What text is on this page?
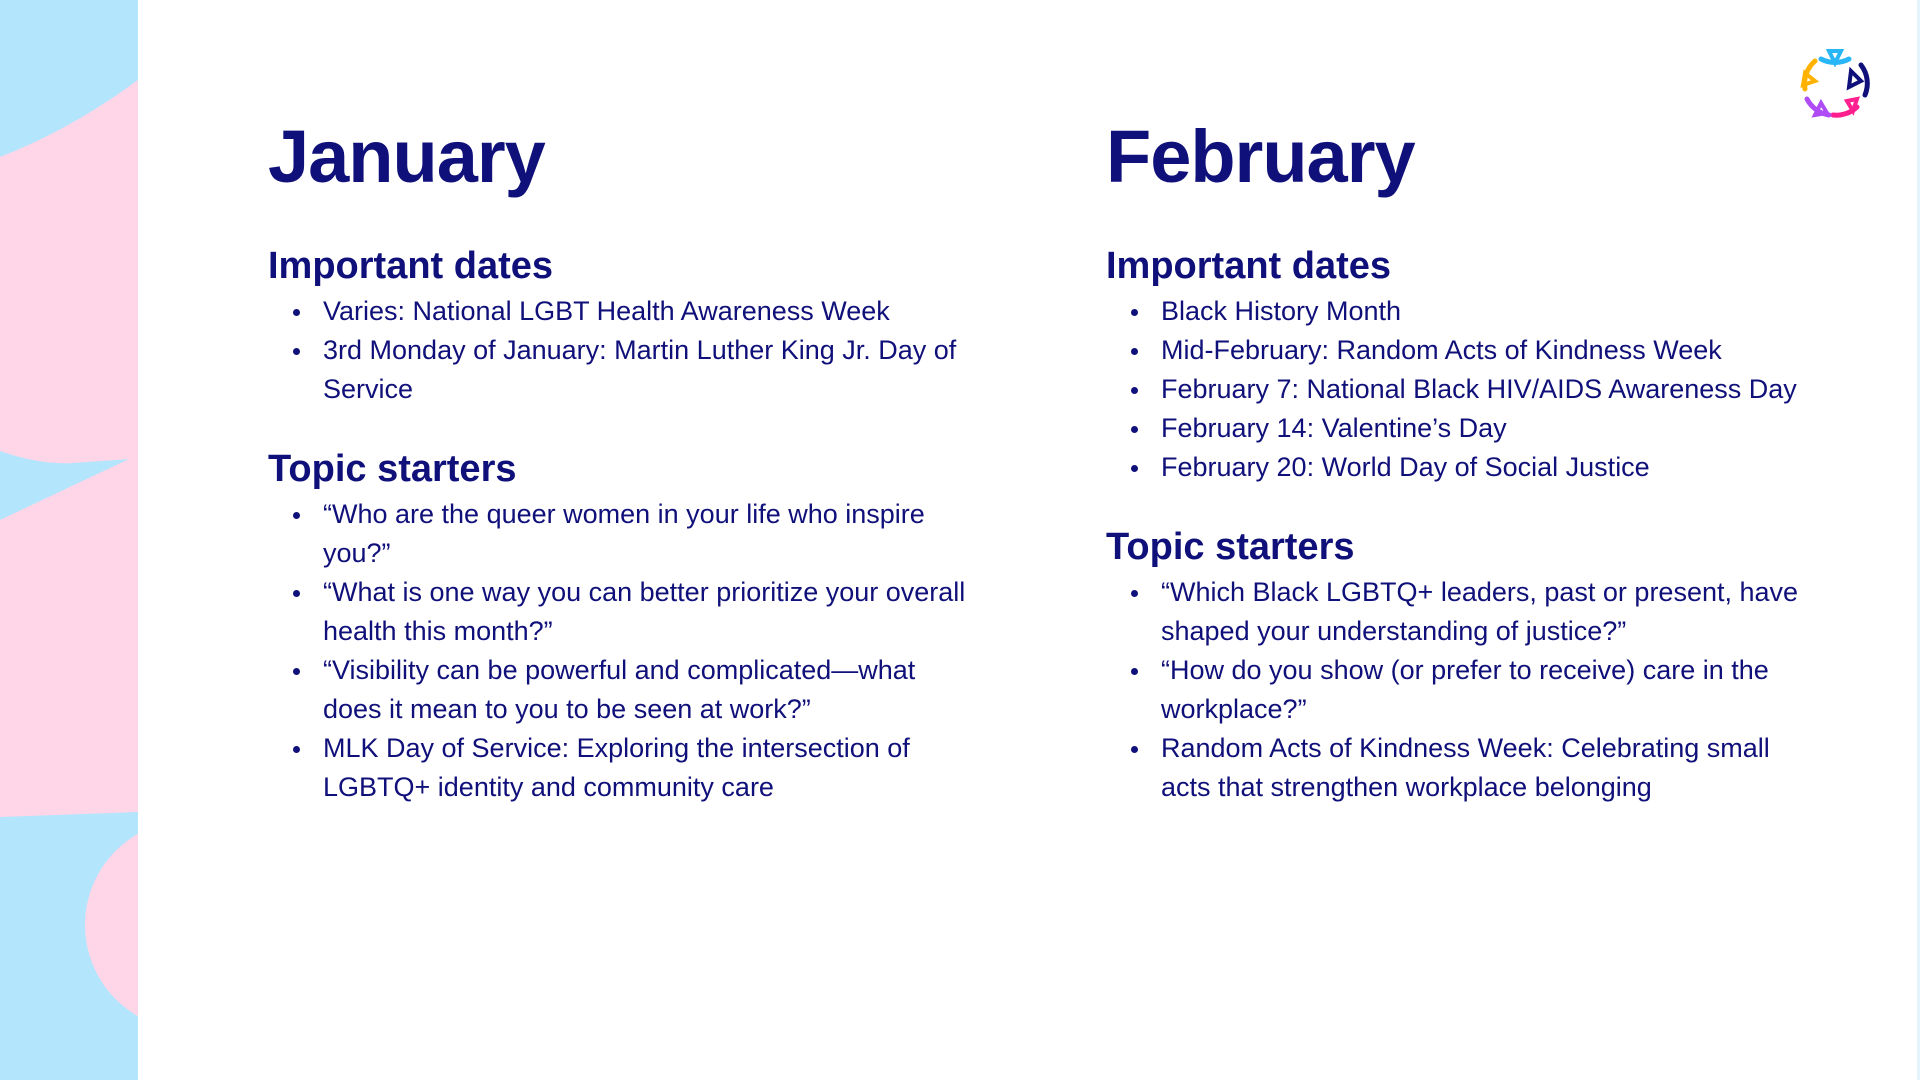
January
Important dates
Varies: National LGBT Health Awareness Week
3rd Monday of January: Martin Luther King Jr. Day of Service
Topic starters
“Who are the queer women in your life who inspire you?”
“What is one way you can better prioritize your overall health this month?”
“Visibility can be powerful and complicated—what does it mean to you to be seen at work?”
MLK Day of Service: Exploring the intersection of LGBTQ+ identity and community care
February
Important dates
Black History Month
Mid-February: Random Acts of Kindness Week
February 7: National Black HIV/AIDS Awareness Day
February 14: Valentine’s Day
February 20: World Day of Social Justice
Topic starters
“Which Black LGBTQ+ leaders, past or present, have shaped your understanding of justice?”
“How do you show (or prefer to receive) care in the workplace?”
Random Acts of Kindness Week: Celebrating small acts that strengthen workplace belonging
